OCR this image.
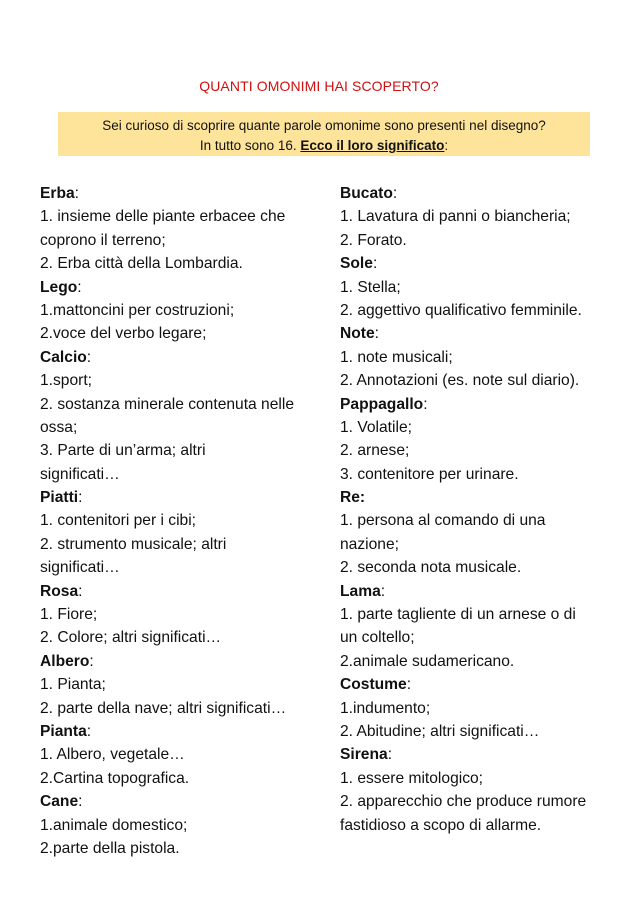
QUANTI OMONIMI HAI SCOPERTO?
Sei curioso di scoprire quante parole omonime sono presenti nel disegno?
In tutto sono 16. Ecco il loro significato:
Erba:
1. insieme delle piante erbacee che
coprono il terreno;
2. Erba città della Lombardia.
Lego:
1.mattoncini per costruzioni;
2.voce del verbo legare;
Calcio:
1.sport;
2. sostanza minerale contenuta nelle
ossa;
3. Parte di un’arma; altri
significati…
Piatti:
1. contenitori per i cibi;
2. strumento musicale; altri
significati…
Rosa:
1. Fiore;
2. Colore; altri significati…
Albero:
1. Pianta;
2. parte della nave; altri significati…
Pianta:
1. Albero, vegetale…
2.Cartina topografica.
Cane:
1.animale domestico;
2.parte della pistola.
Bucato:
1. Lavatura di panni o biancheria;
2. Forato.
Sole:
1. Stella;
2. aggettivo qualificativo femminile.
Note:
1. note musicali;
2. Annotazioni (es. note sul diario).
Pappagallo:
1. Volatile;
2. arnese;
3. contenitore per urinare.
Re:
1. persona al comando di una
nazione;
2. seconda nota musicale.
Lama:
1. parte tagliente di un arnese o di
un coltello;
2.animale sudamericano.
Costume:
1.indumento;
2. Abitudine; altri significati…
Sirena:
1. essere mitologico;
2. apparecchio che produce rumore
fastidioso a scopo di allarme.
